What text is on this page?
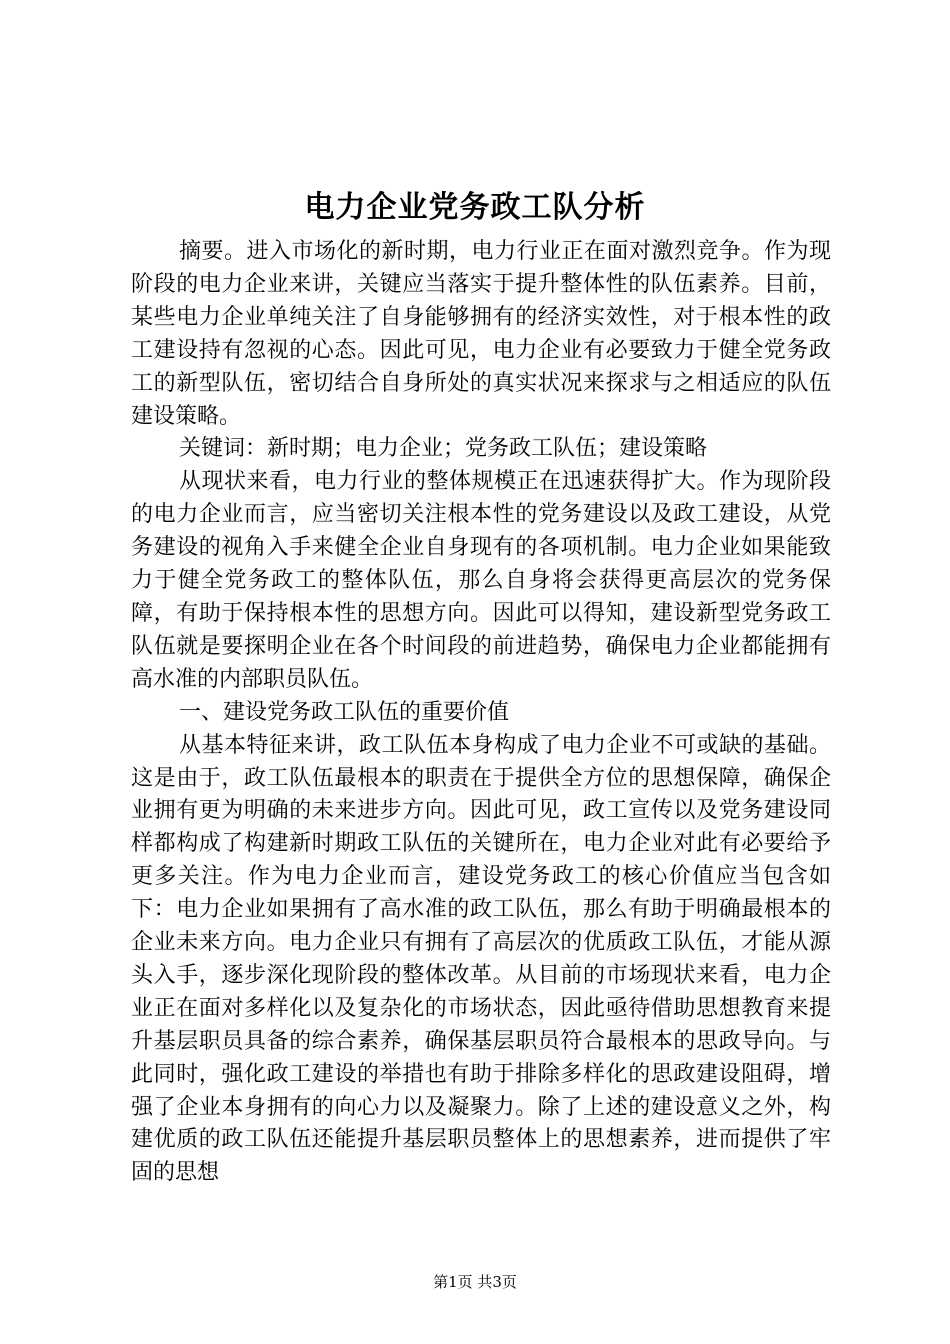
电力企业党务政工队分析

摘要。进入市场化的新时期，电力行业正在面对激烈竞争。作为现阶段的电力企业来讲，关键应当落实于提升整体性的队伍素养。目前，某些电力企业单纯关注了自身能够拥有的经济实效性，对于根本性的政工建设持有忽视的心态。因此可见，电力企业有必要致力于健全党务政工的新型队伍，密切结合自身所处的真实状况来探求与之相适应的队伍建设策略。

关键词：新时期；电力企业；党务政工队伍；建设策略

从现状来看，电力行业的整体规模正在迅速获得扩大。作为现阶段的电力企业而言，应当密切关注根本性的党务建设以及政工建设，从党务建设的视角入手来健全企业自身现有的各项机制。电力企业如果能致力于健全党务政工的整体队伍，那么自身将会获得更高层次的党务保障，有助于保持根本性的思想方向。因此可以得知，建设新型党务政工队伍就是要探明企业在各个时间段的前进趋势，确保电力企业都能拥有高水准的内部职员队伍。

一、建设党务政工队伍的重要价值

从基本特征来讲，政工队伍本身构成了电力企业不可或缺的基础。这是由于，政工队伍最根本的职责在于提供全方位的思想保障，确保企业拥有更为明确的未来进步方向。因此可见，政工宣传以及党务建设同样都构成了构建新时期政工队伍的关键所在，电力企业对此有必要给予更多关注。作为电力企业而言，建设党务政工的核心价值应当包含如下：电力企业如果拥有了高水准的政工队伍，那么有助于明确最根本的企业未来方向。电力企业只有拥有了高层次的优质政工队伍，才能从源头入手，逐步深化现阶段的整体改革。从目前的市场现状来看，电力企业正在面对多样化以及复杂化的市场状态，因此亟待借助思想教育来提升基层职员具备的综合素养，确保基层职员符合最根本的思政导向。与此同时，强化政工建设的举措也有助于排除多样化的思政建设阻碍，增强了企业本身拥有的向心力以及凝聚力。除了上述的建设意义之外，构建优质的政工队伍还能提升基层职员整体上的思想素养，进而提供了牢固的思想

第1页 共3页
